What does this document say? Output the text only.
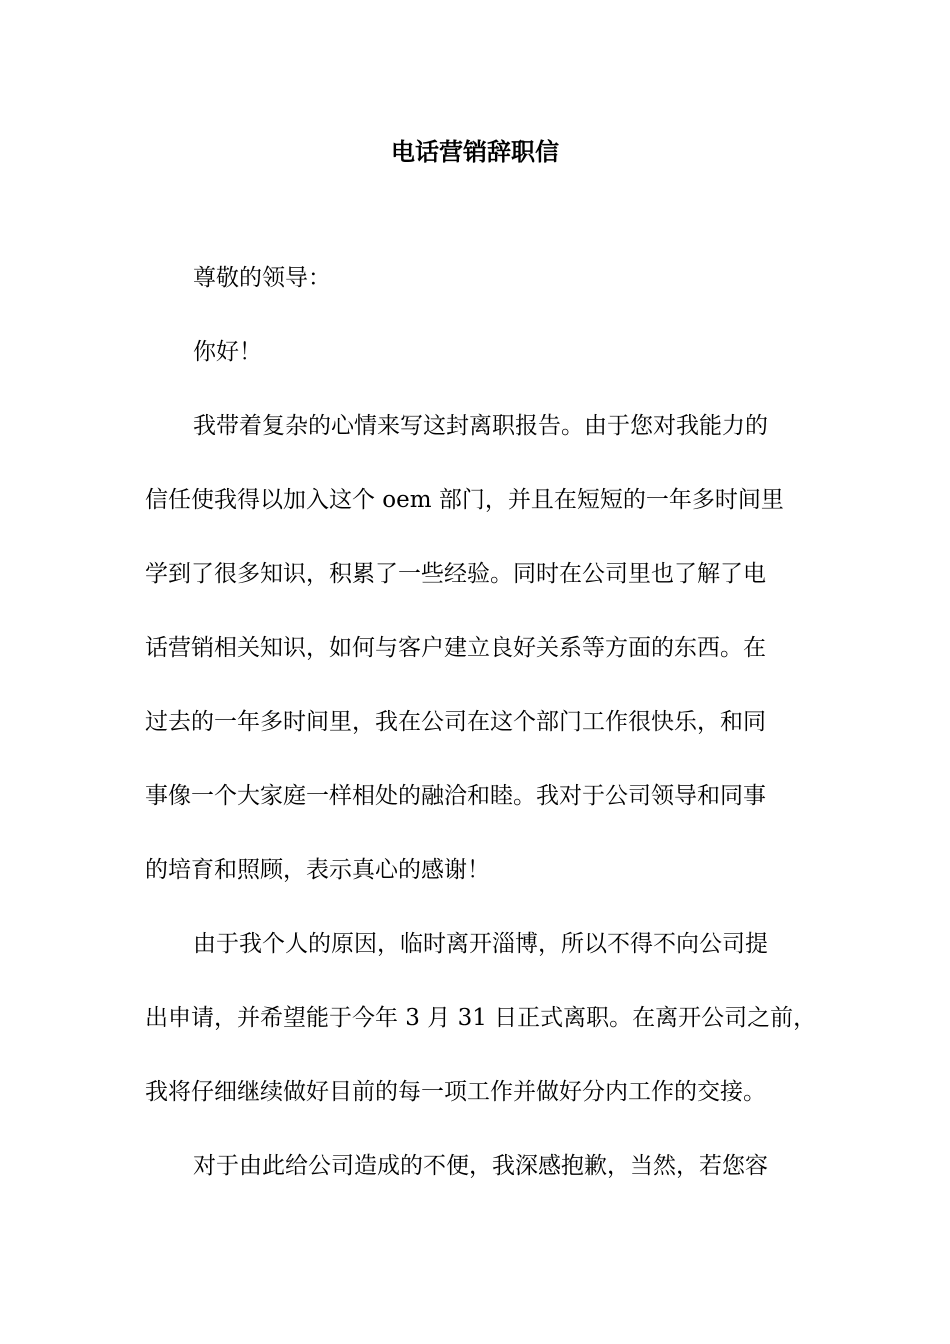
电话营销辞职信
尊敬的领导：
你好！
我带着复杂的心情来写这封离职报告。由于您对我能力的
信任使我得以加入这个 oem 部门，并且在短短的一年多时间里
学到了很多知识，积累了一些经验。同时在公司里也了解了电
话营销相关知识，如何与客户建立良好关系等方面的东西。在
过去的一年多时间里，我在公司在这个部门工作很快乐，和同
事像一个大家庭一样相处的融洽和睦。我对于公司领导和同事
的培育和照顾，表示真心的感谢！
由于我个人的原因，临时离开淄博，所以不得不向公司提
出申请，并希望能于今年 3 月 31 日正式离职。在离开公司之前，
我将仔细继续做好目前的每一项工作并做好分内工作的交接。
对于由此给公司造成的不便，我深感抱歉，当然，若您容
